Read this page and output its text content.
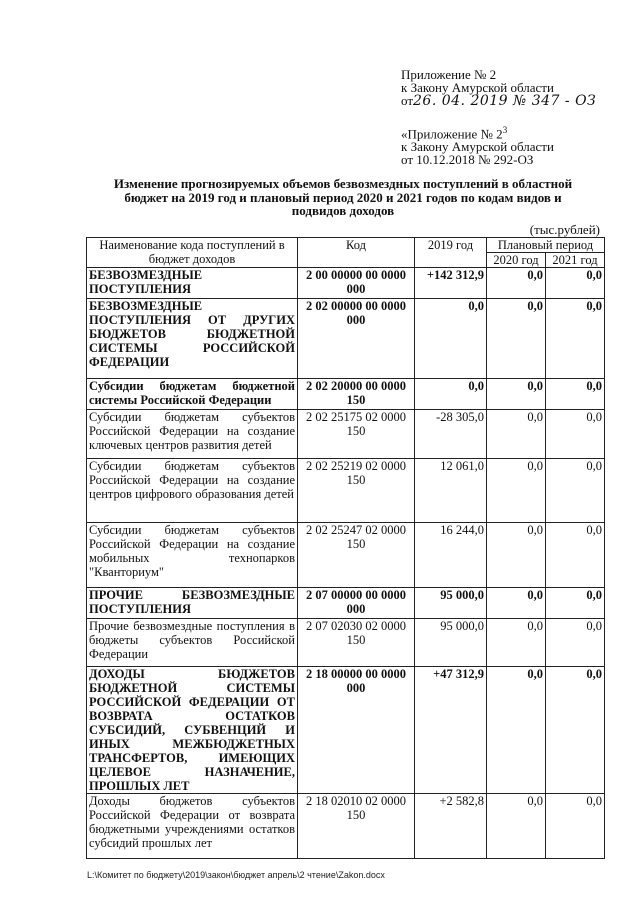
Приложение № 2
к Закону Амурской области
от26. 04. 2019 № 347 - ОЗ
«Приложение № $2^3$
к Закону Амурской области
от 10.12.2018 № 292-ОЗ
Изменение прогнозируемых объемов безвозмездных поступлений в областной бюджет на 2019 год и плановый период 2020 и 2021 годов по кодам видов и подвидов доходов
(тыс.рублей)
Наименование кода поступлений в бюджет доходов	Код	2019 год	Плановый период	
			2020 год	2021 год
БЕЗВОЗМЕЗДНЫЕ ПОСТУПЛЕНИЯ	2 00 00000 00 0000 000	+142 312,9	0,0	0,0
БЕЗВОЗМЕЗДНЫЕ ПОСТУПЛЕНИЯ ОТ ДРУГИХ БЮДЖЕТОВ БЮДЖЕТНОЙ СИСТЕМЫ РОССИЙСКОЙ ФЕДЕРАЦИИ	2 02 00000 00 0000 000	0,0	0,0	0,0
Субсидии бюджетам бюджетной системы Российской Федерации	2 02 20000 00 0000 150	0,0	0,0	0,0
Субсидии бюджетам субъектов Российской Федерации на создание ключевых центров развития детей	2 02 25175 02 0000 150	-28 305,0	0,0	0,0
Субсидии бюджетам субъектов Российской Федерации на создание центров цифрового образования детей	2 02 25219 02 0000 150	12 061,0	0,0	0,0
Субсидии бюджетам субъектов Российской Федерации на создание мобильных технопарков "Кванториум"	2 02 25247 02 0000 150	16 244,0	0,0	0,0
ПРОЧИЕ БЕЗВОЗМЕЗДНЫЕ ПОСТУПЛЕНИЯ	2 07 00000 00 0000 000	95 000,0	0,0	0,0
Прочие безвозмездные поступления в бюджеты субъектов Российской Федерации	2 07 02030 02 0000 150	95 000,0	0,0	0,0
ДОХОДЫ БЮДЖЕТОВ БЮДЖЕТНОЙ СИСТЕМЫ РОССИЙСКОЙ ФЕДЕРАЦИИ ОТ ВОЗВРАТА ОСТАТКОВ СУБСИДИЙ, СУБВЕНЦИЙ И ИНЫХ МЕЖБЮДЖЕТНЫХ ТРАНСФЕРТОВ, ИМЕЮЩИХ ЦЕЛЕВОЕ НАЗНАЧЕНИЕ, ПРОШЛЫХ ЛЕТ	2 18 00000 00 0000 000	+47 312,9	0,0	0,0
Доходы бюджетов субъектов Российской Федерации от возврата бюджетными учреждениями остатков субсидий прошлых лет	2 18 02010 02 0000 150	+2 582,8	0,0	0,0
L:\Комитет по бюджету\2019\закон\бюджет апрель\2 чтение\Zakon.docx
